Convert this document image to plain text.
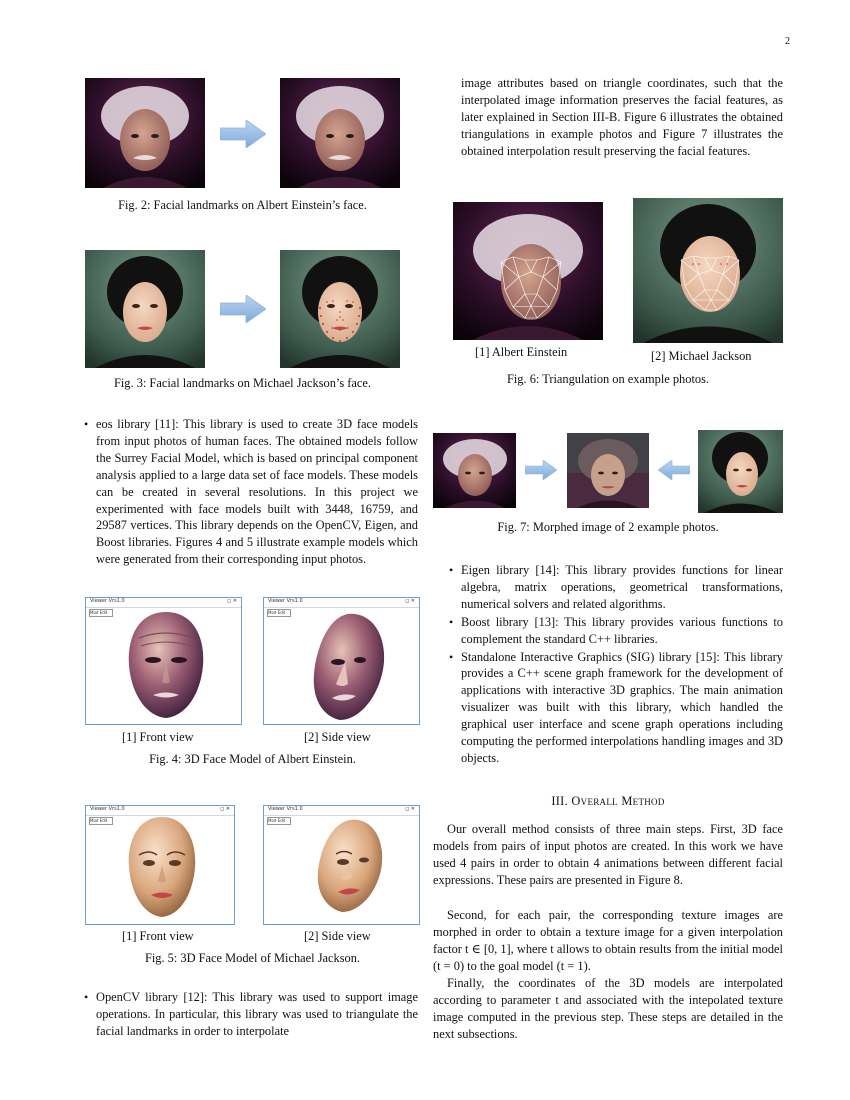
2
Fig. 2: Facial landmarks on Albert Einstein’s face.
Fig. 3: Facial landmarks on Michael Jackson’s face.
• eos library [11]: This library is used to create 3D face models from input photos of human faces. The obtained models follow the Surrey Facial Model, which is based on principal component analysis applied to a large data set of face models. These models can be created in several resolutions. In this project we experimented with face models built with 3448, 16759, and 29587 vertices. This library depends on the OpenCV, Eigen, and Boost libraries. Figures 4 and 5 illustrate example models which were generated from their corresponding input photos.
Viewer Vrs1.0	◻ ✕
Mod Edit
Viewer Vrs1.0	◻ ✕
Mod Edit
[1] Front view	[2] Side view
Fig. 4: 3D Face Model of Albert Einstein.
Viewer Vrs1.0	◻ ✕
Mod Edit
Viewer Vrs1.0	◻ ✕
Mod Edit
[1] Front view	[2] Side view
Fig. 5: 3D Face Model of Michael Jackson.
• OpenCV library [12]: This library was used to support image operations. In particular, this library was used to triangulate the facial landmarks in order to interpolate
image attributes based on triangle coordinates, such that the interpolated image information preserves the facial features, as later explained in Section III-B. Figure 6 illustrates the obtained triangulations in example photos and Figure 7 illustrates the obtained interpolation result preserving the facial features.
[1] Albert Einstein	[2] Michael Jackson
Fig. 6: Triangulation on example photos.
Fig. 7: Morphed image of 2 example photos.
• Eigen library [14]: This library provides functions for linear algebra, matrix operations, geometrical transformations, numerical solvers and related algorithms.
• Boost library [13]: This library provides various functions to complement the standard C++ libraries.
• Standalone Interactive Graphics (SIG) library [15]: This library provides a C++ scene graph framework for the development of applications with interactive 3D graphics. The main animation visualizer was built with this library, which handled the graphical user interface and scene graph operations including computing the performed interpolations handling images and 3D objects.
III. Overall Method
Our overall method consists of three main steps. First, 3D face models from pairs of input photos are created. In this work we have used 4 pairs in order to obtain 4 animations between different facial expressions. These pairs are presented in Figure 8.
Second, for each pair, the corresponding texture images are morphed in order to obtain a texture image for a given interpolation factor t ∈ [0, 1], where t allows to obtain results from the initial model (t = 0) to the goal model (t = 1).
Finally, the coordinates of the 3D models are interpolated according to parameter t and associated with the intepolated texture image computed in the previous step. These steps are detailed in the next subsections.
